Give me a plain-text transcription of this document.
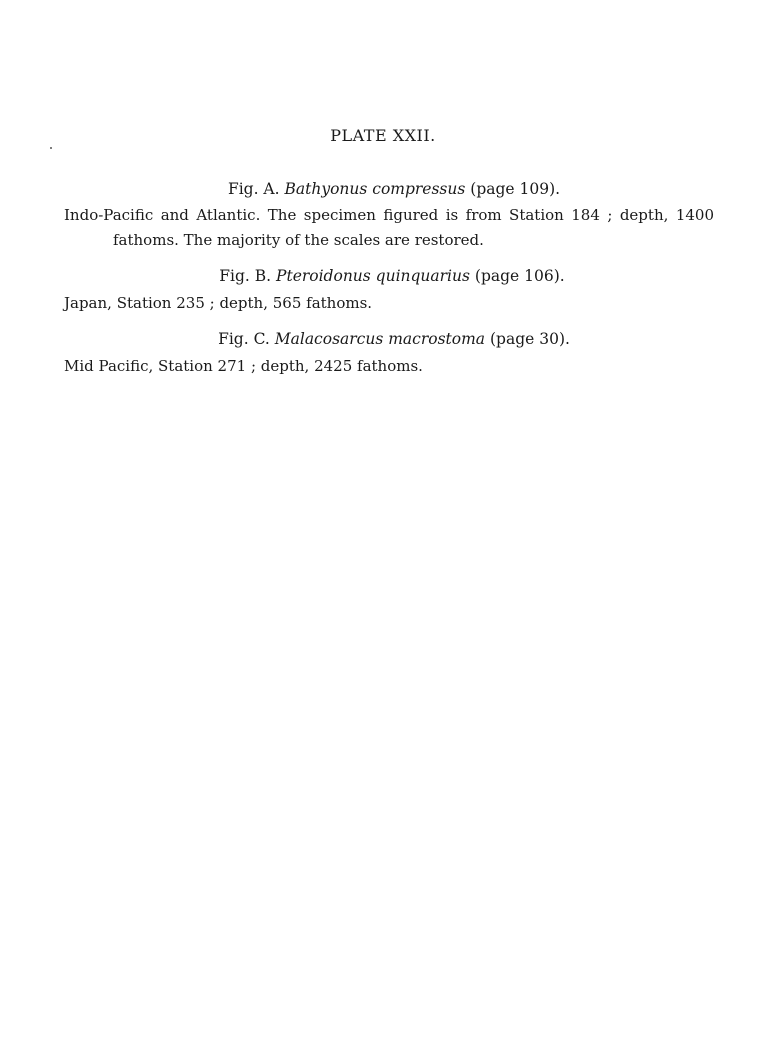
PLATE XXII.
Fig. A. Bathyonus compressus (page 109).
Indo-Pacific and Atlantic. The specimen figured is from Station 184 ; depth, 1400
fathoms. The majority of the scales are restored.
Fig. B. Pteroidonus quinquarius (page 106).
Japan, Station 235 ; depth, 565 fathoms.
Fig. C. Malacosarcus macrostoma (page 30).
Mid Pacific, Station 271 ; depth, 2425 fathoms.
